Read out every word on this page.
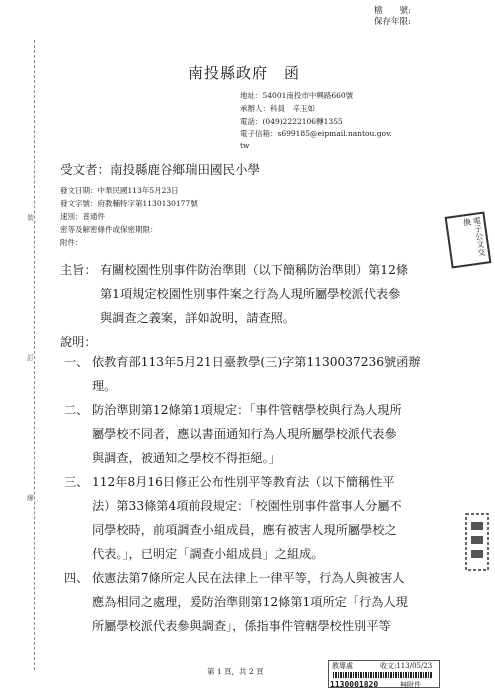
裝
訂
線
檔　　號:
保存年限:
南投縣政府　函
地址：54001南投市中興路660號
承辦人：科員　辛玉如
電話：(049)2222106轉1355
電子信箱：s699185@eipmail.nantou.gov.
tw
受文者：南投縣鹿谷鄉瑞田國民小學
發文日期：中華民國113年5月23日
發文字號：府教輔特字第1130130177號
速別：普通件
密等及解密條件或保密期限：
附件：	電子公文交換
主旨： 有關校園性別事件防治準則（以下簡稱防治準則）第12條
第1項規定校園性別事件案之行為人現所屬學校派代表參
與調查之義案，詳如說明，請查照。
說明：
一、 依教育部113年5月21日臺教學(三)字第1130037236號函辦
理。
二、 防治準則第12條第1項規定：「事件管轄學校與行為人現所
屬學校不同者，應以書面通知行為人現所屬學校派代表參
與調查，被通知之學校不得拒絕。」
三、 112年8月16日修正公布性別平等教育法（以下簡稱性平
法）第33條第4項前段規定：「校園性別事件當事人分屬不
同學校時，前項調查小組成員，應有被害人現所屬學校之
代表。」，已明定「調查小組成員」之組成。
四、 依憲法第7條所定人民在法律上一律平等，行為人與被害人
應為相同之處理，爰防治準則第12條第1項所定「行為人現
所屬學校派代表參與調查」，係指事件管轄學校性別平等
第 1 頁，共 2 頁
教導處	收文:113/05/23
1130001820	無附件
